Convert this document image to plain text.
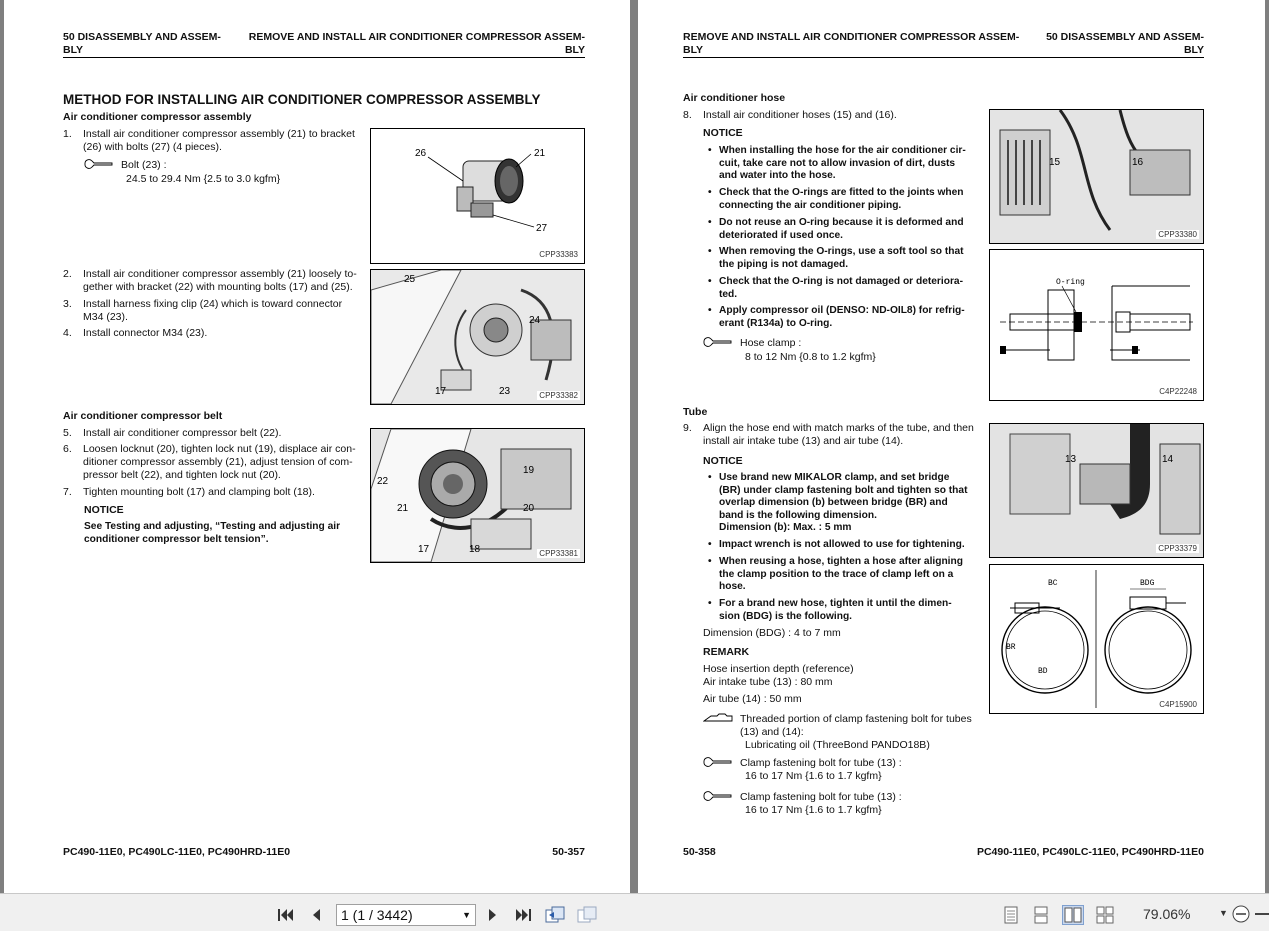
50 DISASSEMBLY AND ASSEM-
BLY
REMOVE AND INSTALL AIR CONDITIONER COMPRESSOR ASSEM-
BLY
METHOD FOR INSTALLING AIR CONDITIONER COMPRESSOR ASSEMBLY
Air conditioner compressor assembly
1. Install air conditioner compressor assembly (21) to bracket
(26) with bolts (27) (4 pieces).
Bolt (23) :
24.5 to 29.4 Nm {2.5 to 3.0 kgfm}
26	21
27
CPP33383
2. Install air conditioner compressor assembly (21) loosely to-
gether with bracket (22) with mounting bolts (17) and (25).
3. Install harness fixing clip (24) which is toward connector
M34 (23).
4. Install connector M34 (23).
25
24
17	23	CPP33382
Air conditioner compressor belt
5. Install air conditioner compressor belt (22).
6. Loosen locknut (20), tighten lock nut (19), displace air con-
ditioner compressor assembly (21), adjust tension of com-
pressor belt (22), and tighten lock nut (20).
7. Tighten mounting bolt (17) and clamping bolt (18).
NOTICE
See Testing and adjusting, “Testing and adjusting air
conditioner compressor belt tension”.
22
19
21	20
17	18	CPP33381
PC490-11E0, PC490LC-11E0, PC490HRD-11E0	50-357
REMOVE AND INSTALL AIR CONDITIONER COMPRESSOR ASSEM-
BLY
50 DISASSEMBLY AND ASSEM-
BLY
Air conditioner hose
8. Install air conditioner hoses (15) and (16).
NOTICE
• When installing the hose for the air conditioner cir-
cuit, take care not to allow invasion of dirt, dusts
and water into the hose.
• Check that the O-rings are fitted to the joints when
connecting the air conditioner piping.
• Do not reuse an O-ring because it is deformed and
deteriorated if used once.
• When removing the O-rings, use a soft tool so that
the piping is not damaged.
• Check that the O-ring is not damaged or deteriora-
ted.
• Apply compressor oil (DENSO: ND-OIL8) for refrig-
erant (R134a) to O-ring.
Hose clamp :
8 to 12 Nm {0.8 to 1.2 kgfm}
15	16
CPP33380
O-ring
C4P22248
Tube
9. Align the hose end with match marks of the tube, and then
install air intake tube (13) and air tube (14).
NOTICE
• Use brand new MIKALOR clamp, and set bridge
(BR) under clamp fastening bolt and tighten so that
overlap dimension (b) between bridge (BR) and
band is the following dimension.
Dimension (b): Max. : 5 mm
• Impact wrench is not allowed to use for tightening.
• When reusing a hose, tighten a hose after aligning
the clamp position to the trace of clamp left on a
hose.
• For a brand new hose, tighten it until the dimen-
sion (BDG) is the following.
Dimension (BDG) : 4 to 7 mm
REMARK
Hose insertion depth (reference)
Air intake tube (13) : 80 mm
Air tube (14) : 50 mm
Threaded portion of clamp fastening bolt for tubes
(13) and (14):
Lubricating oil (ThreeBond PANDO18B)
Clamp fastening bolt for tube (13) :
16 to 17 Nm {1.6 to 1.7 kgfm}
Clamp fastening bolt for tube (13) :
16 to 17 Nm {1.6 to 1.7 kgfm}
13	14
CPP33379
BC	BDG
BR
BD
C4P15900
50-358	PC490-11E0, PC490LC-11E0, PC490HRD-11E0
1 (1 / 3442)	▼	79.06%	▼
